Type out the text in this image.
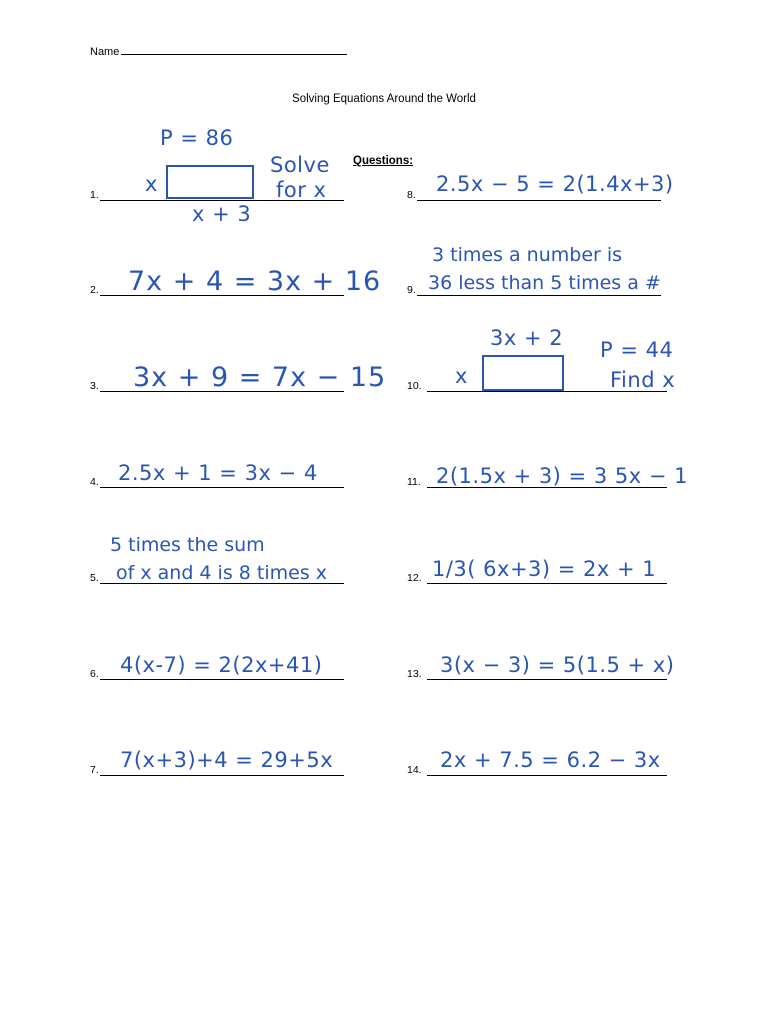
Name
Solving Equations Around the World
Questions:
1.
P = 86
x
x + 3
Solve
for x
2. 7x + 4 = 3x + 16
3. 3x + 9 = 7x − 15
4. 2.5x + 1 = 3x − 4
5.
5 times the sum
of x and 4 is 8 times x
6. 4(x-7) = 2(2x+41)
7. 7(x+3)+4 = 29+5x
8. 2.5x − 5 = 2(1.4x+3)
9.
3 times a number is
36 less than 5 times a #
10.
3x + 2
x
P = 44
Find x
11. 2(1.5x + 3) = 3 5x − 1
12. 1/3( 6x+3) = 2x + 1
13. 3(x − 3) = 5(1.5 + x)
14. 2x + 7.5 = 6.2 − 3x
